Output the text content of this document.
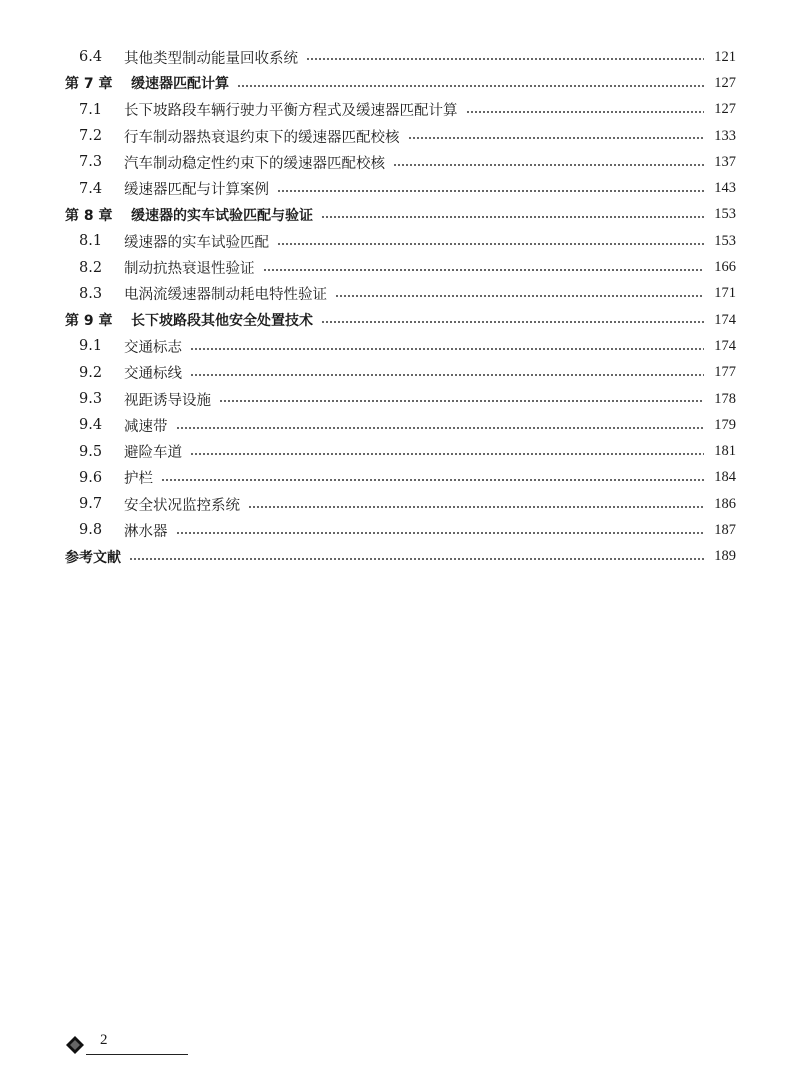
6.4 其他类型制动能量回收系统	121
第 7 章 缓速器匹配计算	127
7.1 长下坡路段车辆行驶力平衡方程式及缓速器匹配计算	127
7.2 行车制动器热衰退约束下的缓速器匹配校核	133
7.3 汽车制动稳定性约束下的缓速器匹配校核	137
7.4 缓速器匹配与计算案例	143
第 8 章 缓速器的实车试验匹配与验证	153
8.1 缓速器的实车试验匹配	153
8.2 制动抗热衰退性验证	166
8.3 电涡流缓速器制动耗电特性验证	171
第 9 章 长下坡路段其他安全处置技术	174
9.1 交通标志	174
9.2 交通标线	177
9.3 视距诱导设施	178
9.4 减速带	179
9.5 避险车道	181
9.6 护栏	184
9.7 安全状况监控系统	186
9.8 淋水器	187
参考文献	189
2
